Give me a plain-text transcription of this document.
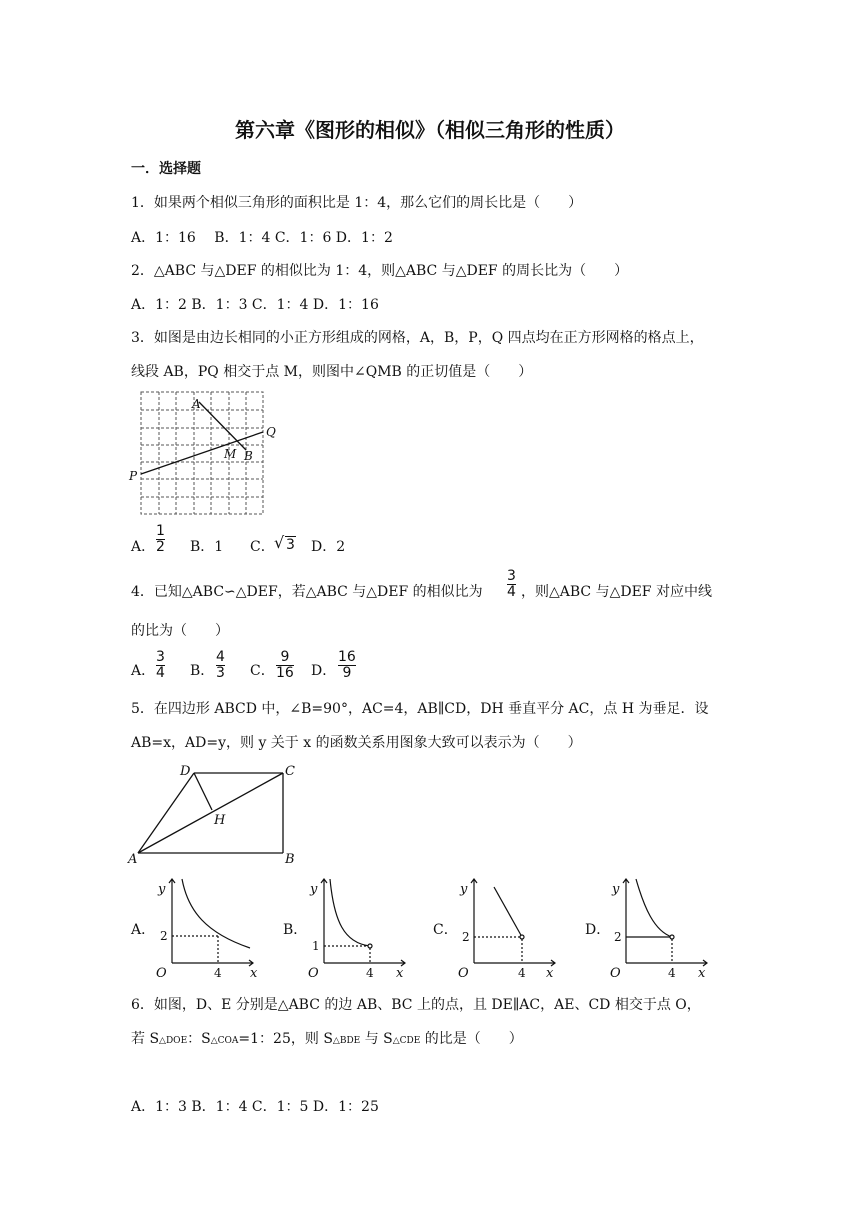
第六章《图形的相似》（相似三角形的性质）
一．选择题
1．如果两个相似三角形的面积比是 1：4，那么它们的周长比是（　　）
A．1：16　 B．1：4 C．1：6 D．1：2
2．△ABC 与△DEF 的相似比为 1：4，则△ABC 与△DEF 的周长比为（　　）
A．1：2 B．1：3 C．1：4 D．1：16
3．如图是由边长相同的小正方形组成的网格，A，B，P，Q 四点均在正方形网格的格点上，
线段 AB，PQ 相交于点 M，则图中∠QMB 的正切值是（　　）
A
B
M
P
Q
A．
1
2 B．1 C． √ 3 D．2
4．已知△ABC∽△DEF，若△ABC 与△DEF 的相似比为
3
4 ，则△ABC 与△DEF 对应中线
的比为（　　）
A．
3
4 B．
4
3 C．
9
16 D．
16
9
5．在四边形 ABCD 中，∠B=90°，AC=4，AB∥CD，DH 垂直平分 AC，点 H 为垂足．设
AB=x，AD=y，则 y 关于 x 的函数关系用图象大致可以表示为（　　）
A	B
C
D
H
A．
y
x
O
2
4
B．
y
x
O
1
4
C．
y
x
O
2
4
D．
y
x
O
2
4
6．如图，D、E 分别是△ABC 的边 AB、BC 上的点，且 DE∥AC，AE、CD 相交于点 O，
若 S△DOE：S△COA=1：25，则 S△BDE 与 S△CDE 的比是（　　）
A．1：3 B．1：4 C．1：5 D．1：25
